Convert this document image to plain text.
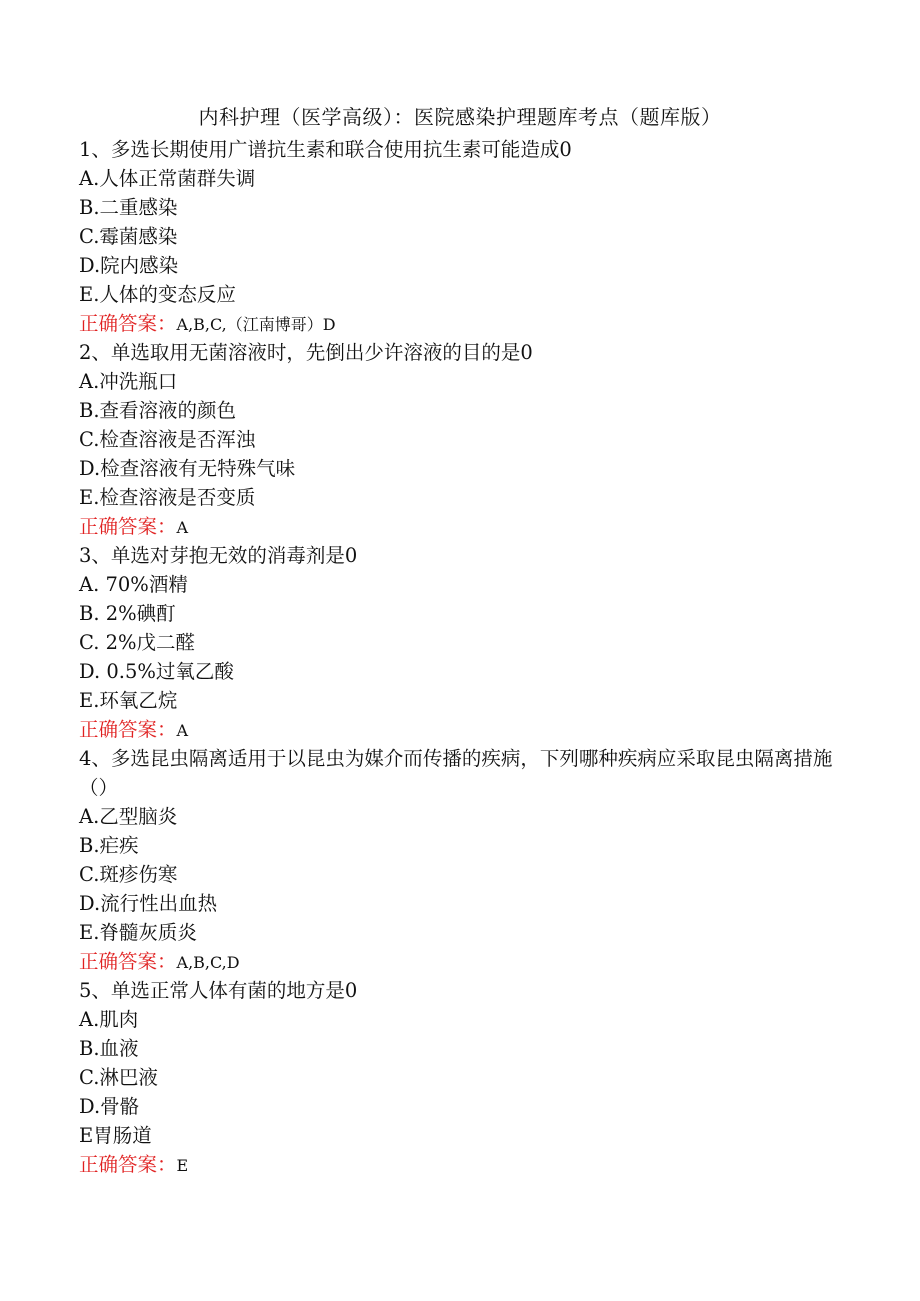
内科护理（医学高级）：医院感染护理题库考点（题库版）
1、多选长期使用广谱抗生素和联合使用抗生素可能造成0
A.人体正常菌群失调
B.二重感染
C.霉菌感染
D.院内感染
E.人体的变态反应
正确答案：A,B,C,（江南博哥）D
2、单选取用无菌溶液时，先倒出少许溶液的目的是0
A.冲洗瓶口
B.查看溶液的颜色
C.检查溶液是否浑浊
D.检查溶液有无特殊气味
E.检查溶液是否变质
正确答案：A
3、单选对芽抱无效的消毒剂是0
A. 70%酒精
B. 2%碘酊
C. 2%戊二醛
D. 0.5%过氧乙酸
E.环氧乙烷
正确答案：A
4、多选昆虫隔离适用于以昆虫为媒介而传播的疾病，下列哪种疾病应采取昆虫隔离措施（）
A.乙型脑炎
B.疟疾
C.斑疹伤寒
D.流行性出血热
E.脊髓灰质炎
正确答案：A,B,C,D
5、单选正常人体有菌的地方是0
A.肌肉
B.血液
C.淋巴液
D.骨骼
E胃肠道
正确答案：E
